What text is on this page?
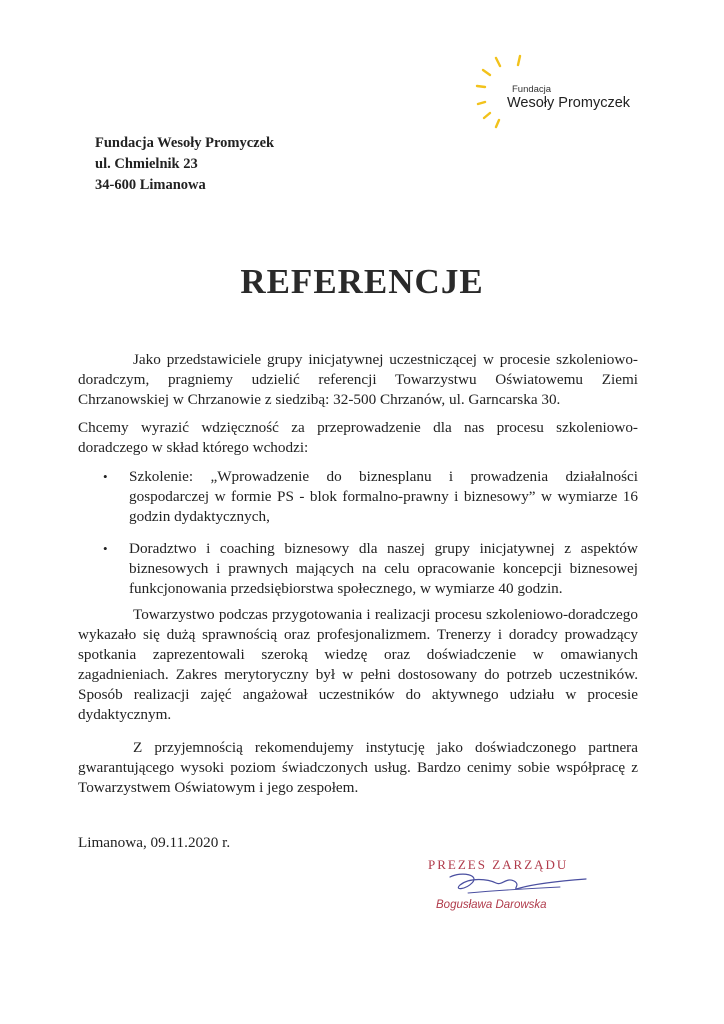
Fundacja
Wesoły Promyczek
Fundacja Wesoły Promyczek
ul. Chmielnik 23
34-600 Limanowa
REFERENCJE
Jako przedstawiciele grupy inicjatywnej uczestniczącej w procesie szkoleniowo-doradczym, pragniemy udzielić referencji Towarzystwu Oświatowemu Ziemi Chrzanowskiej w Chrzanowie z siedzibą: 32-500 Chrzanów, ul. Garncarska 30.
Chcemy wyrazić wdzięczność za przeprowadzenie dla nas procesu szkoleniowo-doradczego w skład którego wchodzi:
• Szkolenie: „Wprowadzenie do biznesplanu i prowadzenia działalności gospodarczej w formie PS - blok formalno-prawny i biznesowy” w wymiarze 16 godzin dydaktycznych,
• Doradztwo i coaching biznesowy dla naszej grupy inicjatywnej z aspektów biznesowych i prawnych mających na celu opracowanie koncepcji biznesowej funkcjonowania przedsiębiorstwa społecznego, w wymiarze 40 godzin.
Towarzystwo podczas przygotowania i realizacji procesu szkoleniowo-doradczego wykazało się dużą sprawnością oraz profesjonalizmem. Trenerzy i doradcy prowadzący spotkania zaprezentowali szeroką wiedzę oraz doświadczenie w omawianych zagadnieniach. Zakres merytoryczny był w pełni dostosowany do potrzeb uczestników. Sposób realizacji zajęć angażował uczestników do aktywnego udziału w procesie dydaktycznym.
Z przyjemnością rekomendujemy instytucję jako doświadczonego partnera gwarantującego wysoki poziom świadczonych usług. Bardzo cenimy sobie współpracę z Towarzystwem Oświatowym i jego zespołem.
Limanowa, 09.11.2020 r.
PREZES ZARZĄDU
Bogusława Darowska
